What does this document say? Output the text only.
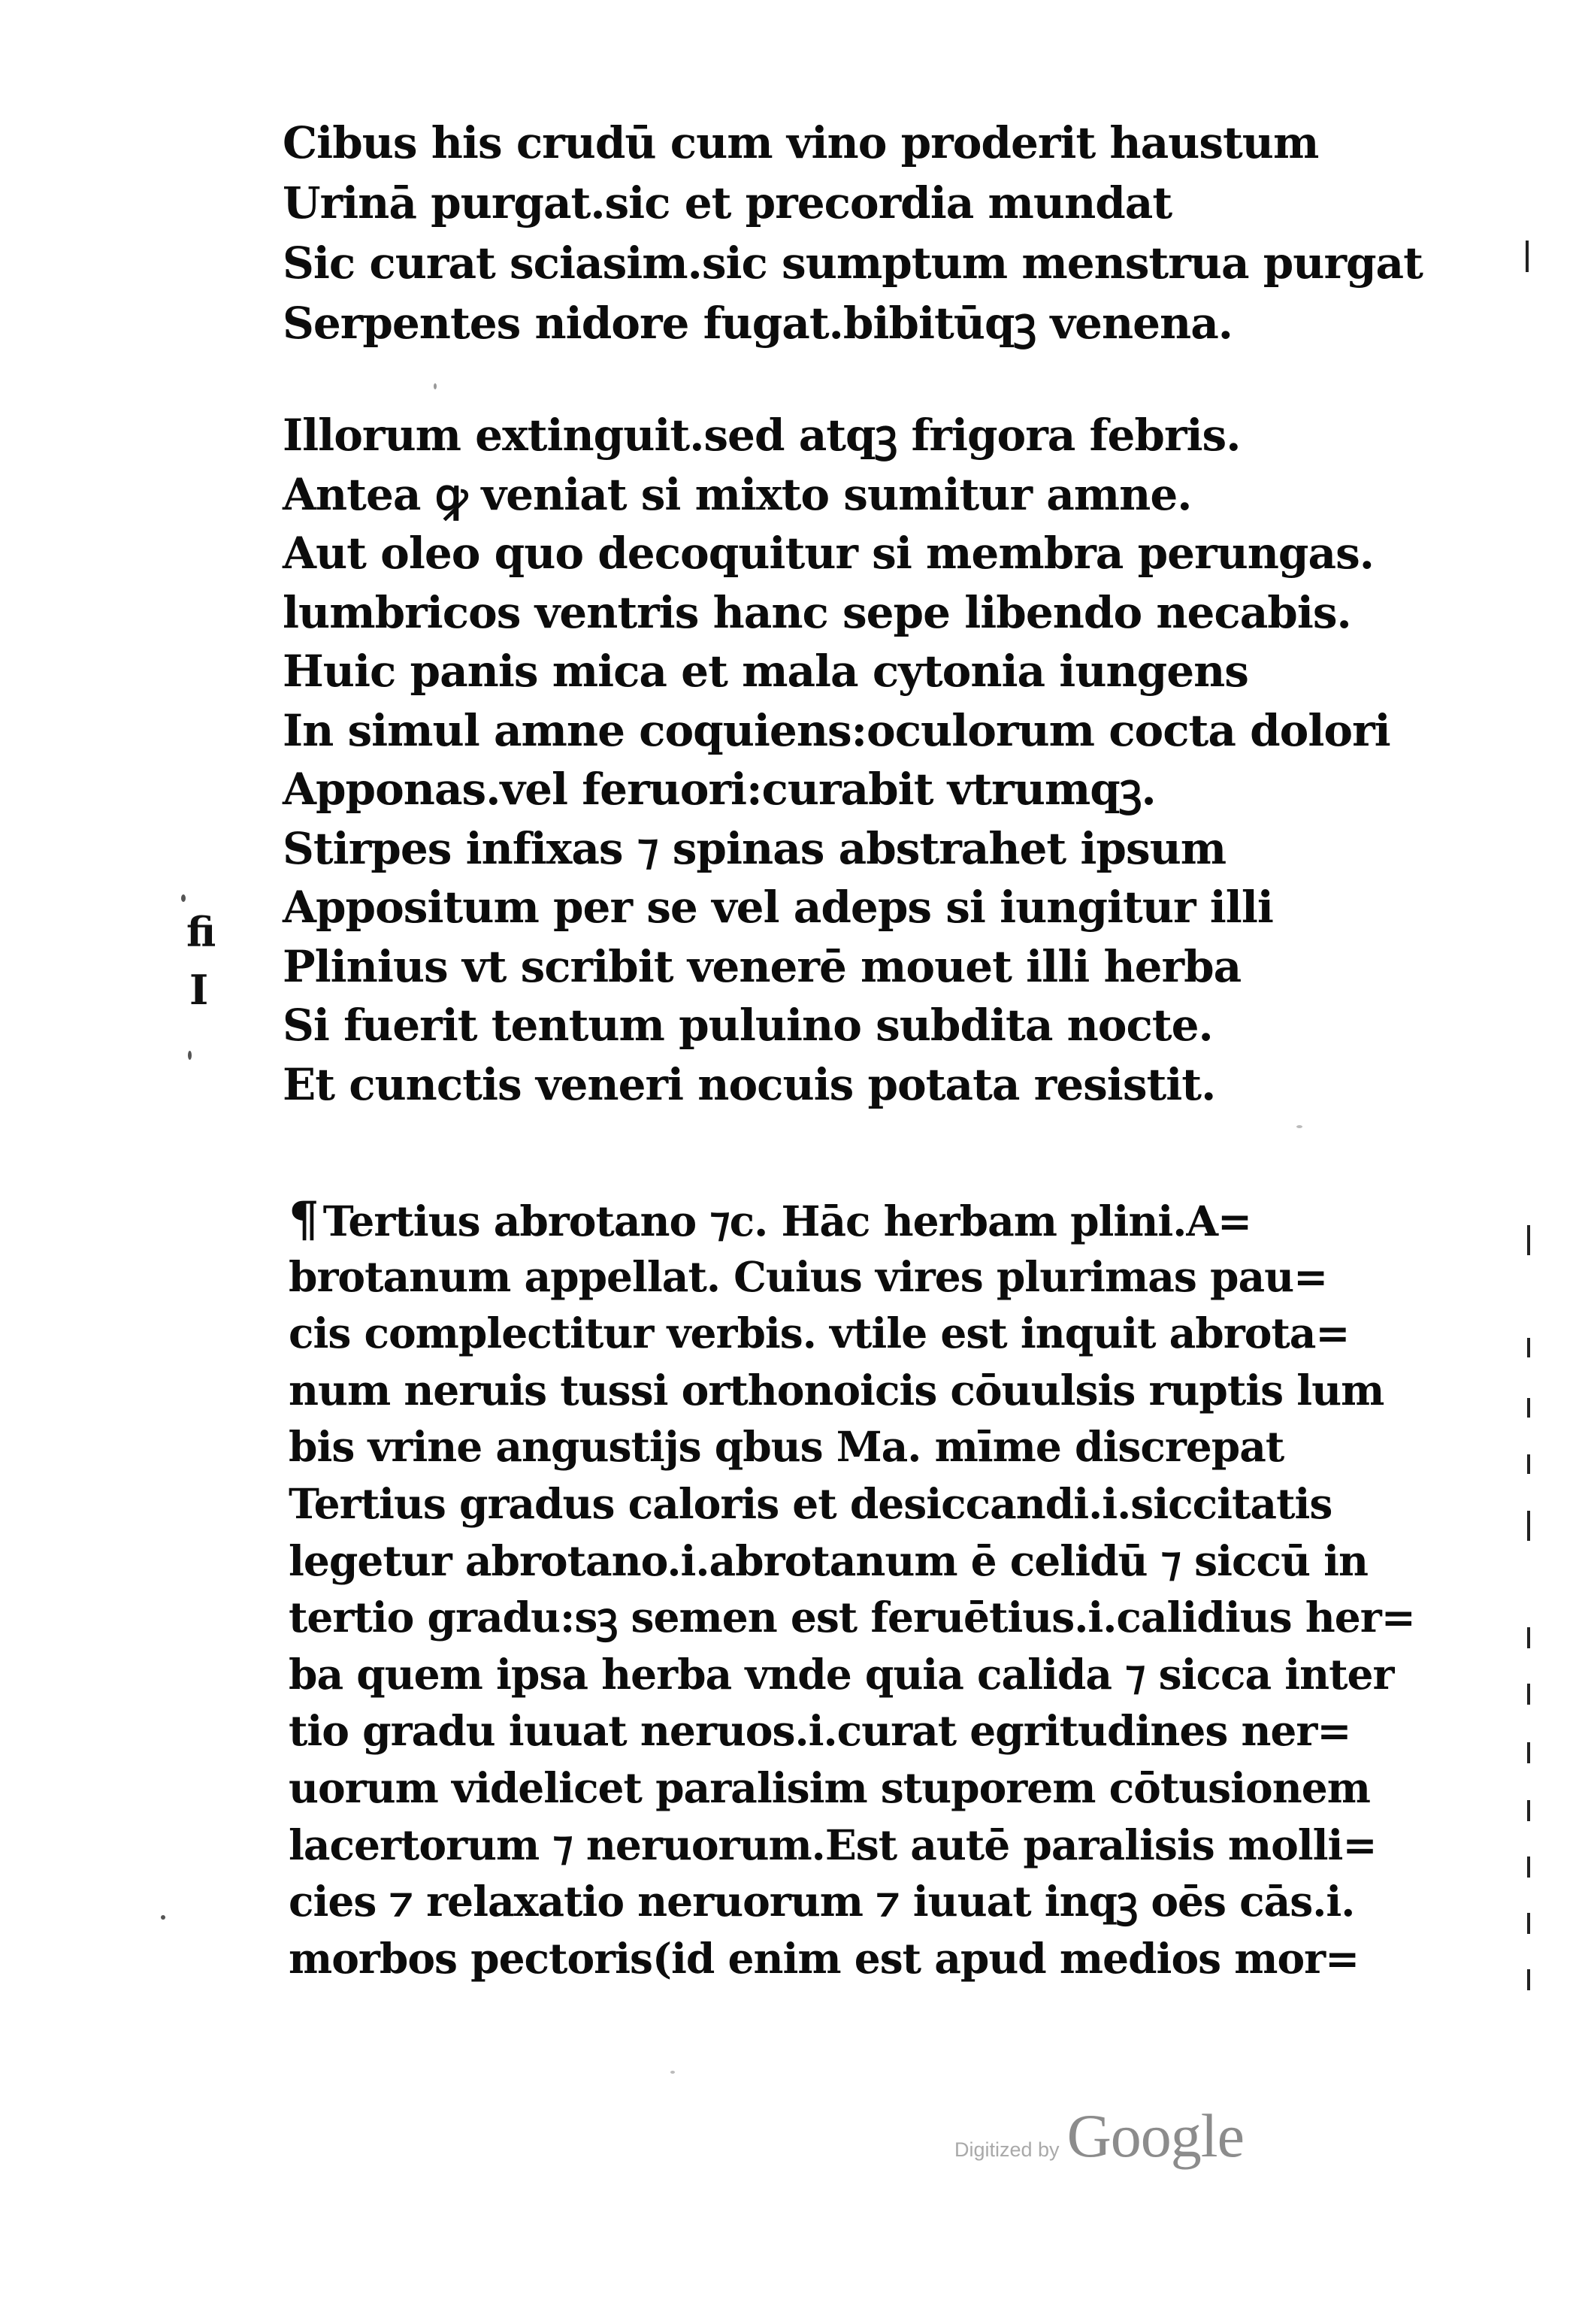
Cibus his crudū cum vino proderit haustum
Urinā purgat.sic et precordia mundat
Sic curat sciasim.sic sumptum menstrua purgat
Serpentes nidore fugat.bibitūqꝫ venena.
Illorum extinguit.sed atqꝫ frigora febris.
Antea ꝙ veniat si mixto sumitur amne.
Aut oleo quo decoquitur si membra perungas.
lumbricos ventris hanc sepe libendo necabis.
Huic panis mica et mala cytonia iungens
In simul amne coquiens:oculorum cocta dolori
Apponas.vel feruori:curabit vtrumqꝫ.
Stirpes infixas ⁊ spinas abstrahet ipsum
Appositum per se vel adeps si iungitur illi
Plinius vt scribit venerē mouet illi herba
Si fuerit tentum puluino subdita nocte.
Et cunctis veneri nocuis potata resistit.
¶ Tertius abrotano ⁊c. Hāc herbam plini.A=
brotanum appellat. Cuius vires plurimas pau=
cis complectitur verbis. vtile est inquit abrota=
num neruis tussi orthonoicis cōuulsis ruptis lum
bis vrine angustijs qbus Ma. mīme discrepat
Tertius gradus caloris et desiccandi.i.siccitatis
legetur abrotano.i.abrotanum ē celidū ⁊ siccū in
tertio gradu:sꝫ semen est feruētius.i.calidius her=
ba quem ipsa herba vnde quia calida ⁊ sicca inter
tio gradu iuuat neruos.i.curat egritudines ner=
uorum videlicet paralisim stuporem cōtusionem
lacertorum ⁊ neruorum.Est autē paralisis molli=
cies ⁊ relaxatio neruorum ⁊ iuuat inqꝫ oēs cās.i.
morbos pectoris(id enim est apud medios mor=
fi
I
Digitized by Google
